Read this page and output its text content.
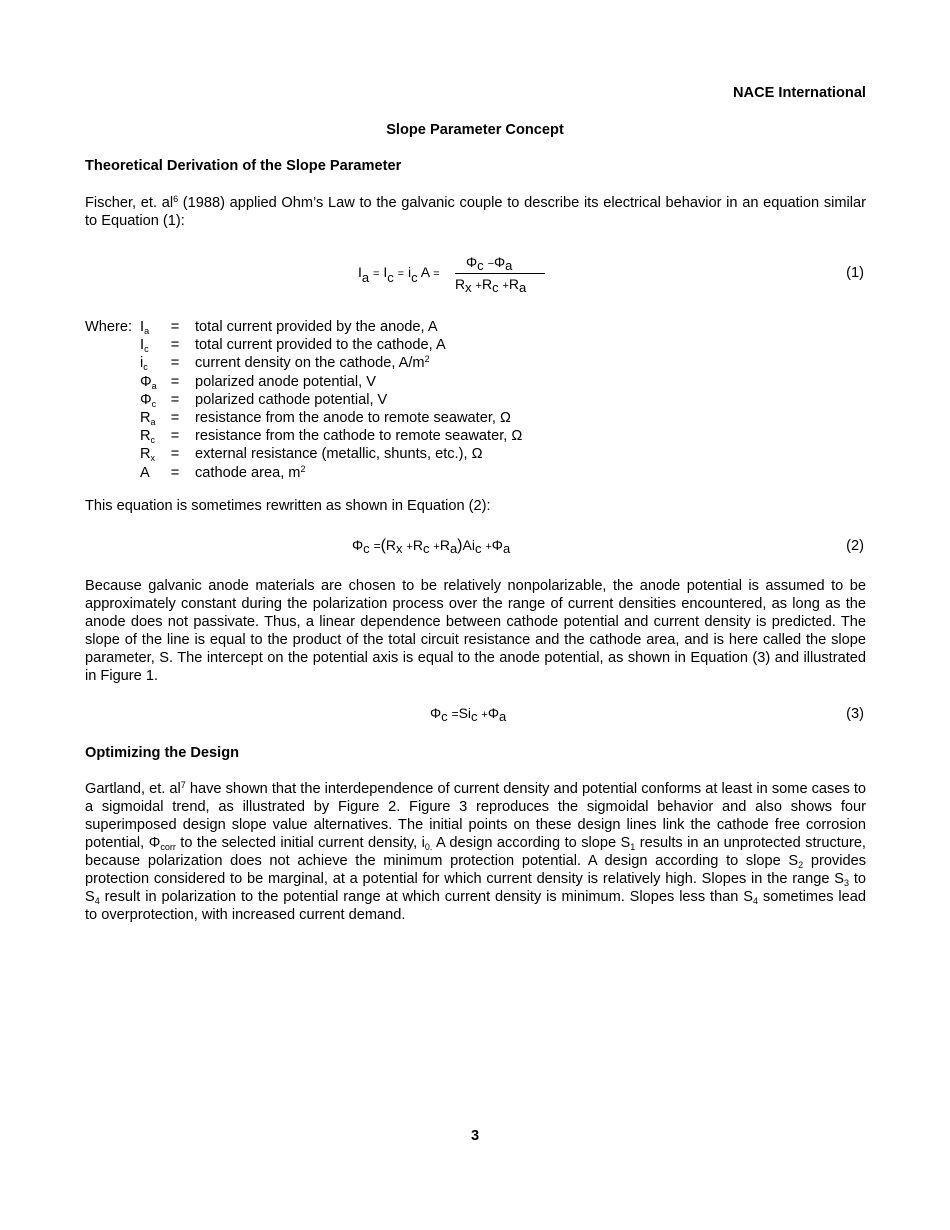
NACE International
Slope Parameter Concept
Theoretical Derivation of the Slope Parameter
Fischer, et. $al^6$ (1988) applied Ohm’s Law to the galvanic couple to describe its electrical behavior in an equation similar to Equation (1):
Ia = Ic = ic A =
Φc −Φa
Rx +Rc +Ra
(1)
Where: $I_a$	= total current provided by the anode, A
$I_c$	= total current provided to the cathode, A
$i_c$	= current density on the cathode, $A/m^2$
$\Phi_a$ = polarized anode potential, V
$\Phi_c$ = polarized cathode potential, V
$R_a$	= resistance from the anode to remote seawater, Ω
$R_c$	= resistance from the cathode to remote seawater, Ω
$R_x$	= external resistance (metallic, shunts, etc.), Ω
A	= cathode area, $m^2$
This equation is sometimes rewritten as shown in Equation (2):
Φc =(Rx +Rc +Ra)Aic +Φa	(2)
Because galvanic anode materials are chosen to be relatively nonpolarizable, the anode potential is assumed to be approximately constant during the polarization process over the range of current densities encountered, as long as the anode does not passivate. Thus, a linear dependence between cathode potential and current density is predicted. The slope of the line is equal to the product of the total circuit resistance and the cathode area, and is here called the slope parameter, S. The intercept on the potential axis is equal to the anode potential, as shown in Equation (3) and illustrated in Figure 1.
Φc =Sic +Φa	(3)
Optimizing the Design
Gartland, et. $al^7$ have shown that the interdependence of current density and potential conforms at least in some cases to a sigmoidal trend, as illustrated by Figure 2. Figure 3 reproduces the sigmoidal behavior and also shows four superimposed design slope value alternatives. The initial points on these design lines link the cathode free corrosion potential, $\Phi_{corr}$ to the selected initial current density, $i_{0.}$ A design according to slope $S_1$ results in an unprotected structure, because polarization does not achieve the minimum protection potential. A design according to slope $S_2$ provides protection considered to be marginal, at a potential for which current density is relatively high. Slopes in the range $S_3$ to $S_4$ result in polarization to the potential range at which current density is minimum. Slopes less than $S_4$ sometimes lead to overprotection, with increased current demand.
3
